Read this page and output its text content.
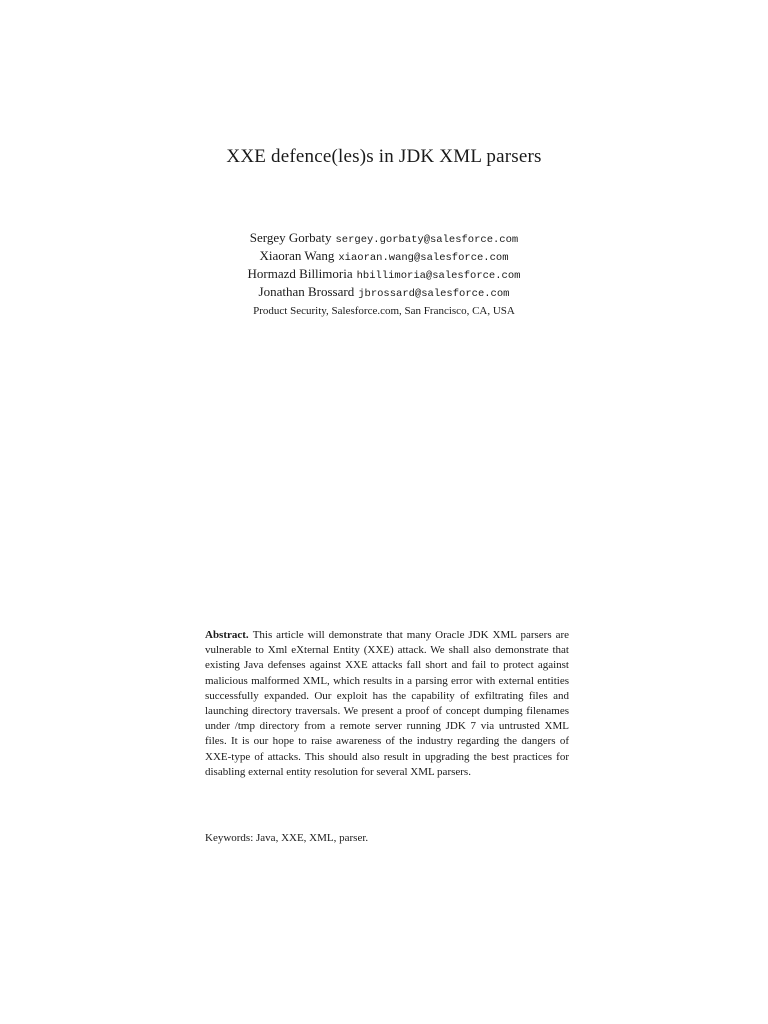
XXE defence(les)s in JDK XML parsers
Sergey Gorbaty sergey.gorbaty@salesforce.com
Xiaoran Wang xiaoran.wang@salesforce.com
Hormazd Billimoria hbillimoria@salesforce.com
Jonathan Brossard jbrossard@salesforce.com
Product Security, Salesforce.com, San Francisco, CA, USA
Abstract. This article will demonstrate that many Oracle JDK XML parsers are vulnerable to Xml eXternal Entity (XXE) attack. We shall also demonstrate that existing Java defenses against XXE attacks fall short and fail to protect against malicious malformed XML, which results in a parsing error with external entities successfully expanded. Our exploit has the capability of exfiltrating files and launching directory traversals. We present a proof of concept dumping filenames under /tmp directory from a remote server running JDK 7 via untrusted XML files. It is our hope to raise awareness of the industry regarding the dangers of XXE-type of attacks. This should also result in upgrading the best practices for disabling external entity resolution for several XML parsers.
Keywords: Java, XXE, XML, parser.
